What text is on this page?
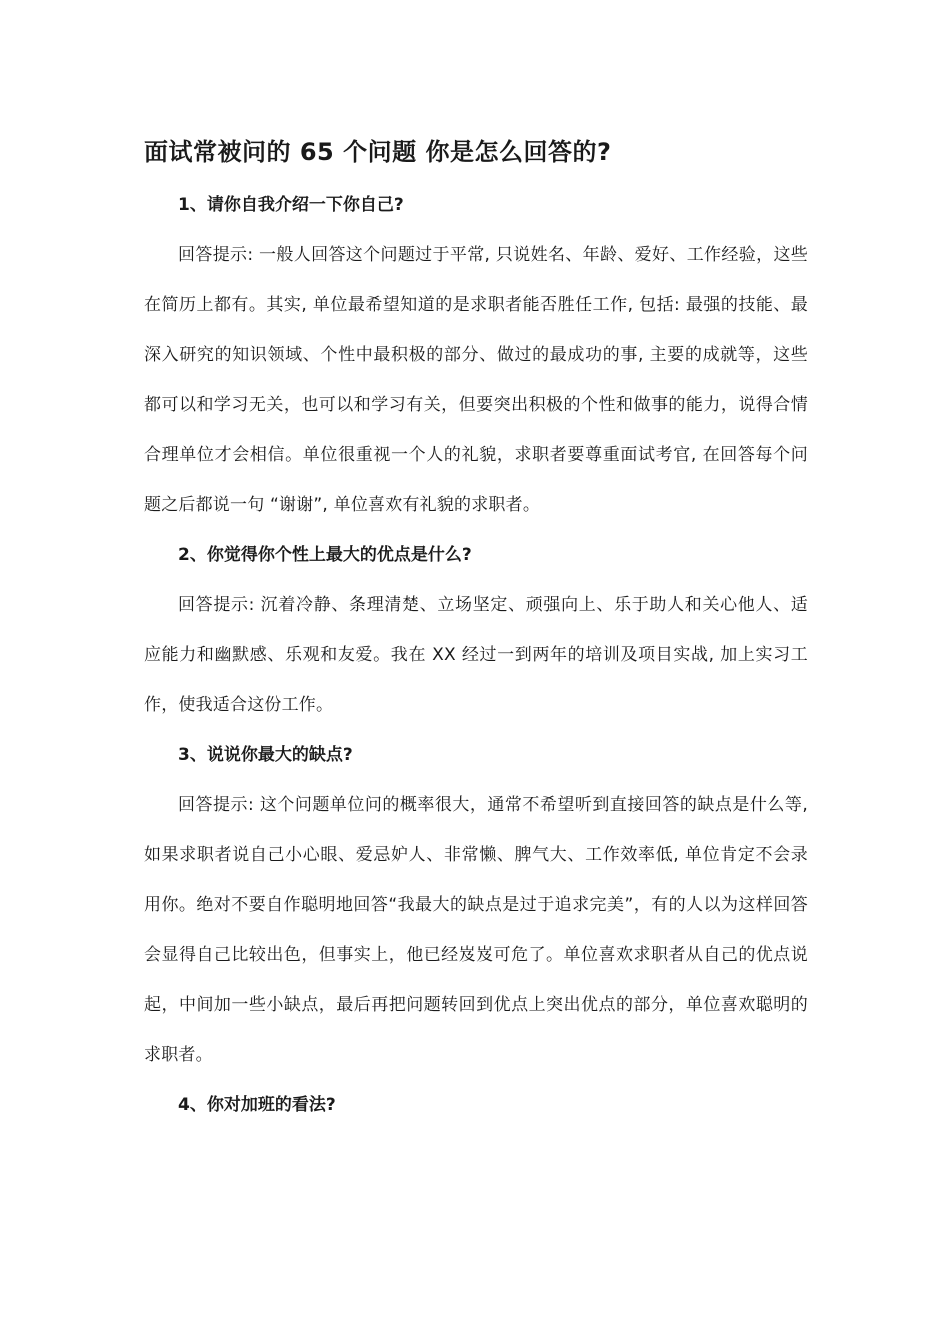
面试常被问的 65 个问题 你是怎么回答的?
1、请你自我介绍一下你自己?

回答提示: 一般人回答这个问题过于平常, 只说姓名、年龄、爱好、工作经验，这些在简历上都有。其实, 单位最希望知道的是求职者能否胜任工作, 包括: 最强的技能、最深入研究的知识领域、个性中最积极的部分、做过的最成功的事, 主要的成就等，这些都可以和学习无关，也可以和学习有关，但要突出积极的个性和做事的能力，说得合情合理单位才会相信。单位很重视一个人的礼貌，求职者要尊重面试考官, 在回答每个问题之后都说一句 “谢谢”, 单位喜欢有礼貌的求职者。

2、你觉得你个性上最大的优点是什么?

回答提示: 沉着冷静、条理清楚、立场坚定、顽强向上、乐于助人和关心他人、适应能力和幽默感、乐观和友爱。我在 XX 经过一到两年的培训及项目实战, 加上实习工作，使我适合这份工作。

3、说说你最大的缺点?

回答提示: 这个问题单位问的概率很大，通常不希望听到直接回答的缺点是什么等, 如果求职者说自己小心眼、爱忌妒人、非常懒、脾气大、工作效率低, 单位肯定不会录用你。绝对不要自作聪明地回答“我最大的缺点是过于追求完美”，有的人以为这样回答会显得自己比较出色，但事实上，他已经岌岌可危了。单位喜欢求职者从自己的优点说起，中间加一些小缺点，最后再把问题转回到优点上突出优点的部分，单位喜欢聪明的求职者。

4、你对加班的看法?
